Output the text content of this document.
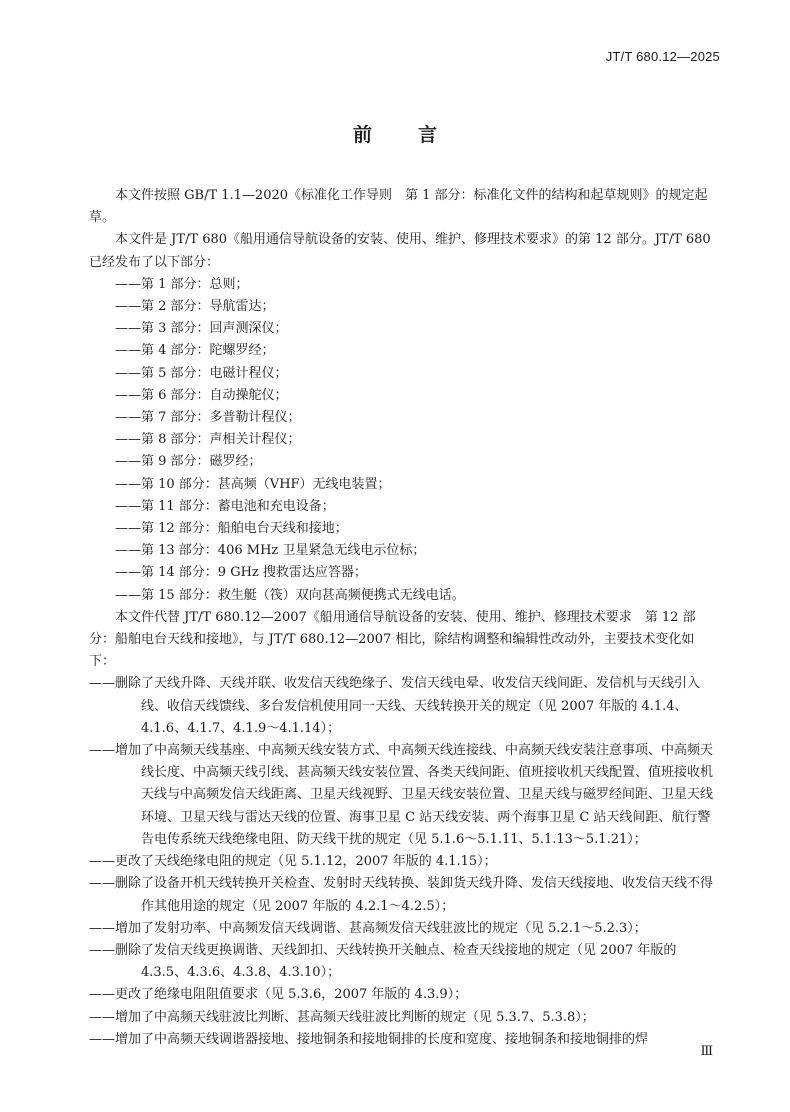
JT/T 680.12—2025
前言

本文件按照 GB/T 1.1—2020《标准化工作导则　第 1 部分：标准化文件的结构和起草规则》的规定起草。

本文件是 JT/T 680《船用通信导航设备的安装、使用、维护、修理技术要求》的第 12 部分。JT/T 680 已经发布了以下部分：

——第 1 部分：总则；

——第 2 部分：导航雷达；

——第 3 部分：回声测深仪；

——第 4 部分：陀螺罗经；

——第 5 部分：电磁计程仪；

——第 6 部分：自动操舵仪；

——第 7 部分：多普勒计程仪；

——第 8 部分：声相关计程仪；

——第 9 部分：磁罗经；

——第 10 部分：甚高频（VHF）无线电装置；

——第 11 部分：蓄电池和充电设备；

——第 12 部分：船舶电台天线和接地；

——第 13 部分：406 MHz 卫星紧急无线电示位标；

——第 14 部分：9 GHz 搜救雷达应答器；

——第 15 部分：救生艇（筏）双向甚高频便携式无线电话。

本文件代替 JT/T 680.12—2007《船用通信导航设备的安装、使用、维护、修理技术要求　第 12 部分：船舶电台天线和接地》，与 JT/T 680.12—2007 相比，除结构调整和编辑性改动外，主要技术变化如下：

——删除了天线升降、天线并联、收发信天线绝缘子、发信天线电晕、收发信天线间距、发信机与天线引入线、收信天线馈线、多台发信机使用同一天线、天线转换开关的规定（见 2007 年版的 4.1.4、4.1.6、4.1.7、4.1.9～4.1.14）；

——增加了中高频天线基座、中高频天线安装方式、中高频天线连接线、中高频天线安装注意事项、中高频天线长度、中高频天线引线、甚高频天线安装位置、各类天线间距、值班接收机天线配置、值班接收机天线与中高频发信天线距离、卫星天线视野、卫星天线安装位置、卫星天线与磁罗经间距、卫星天线环境、卫星天线与雷达天线的位置、海事卫星 C 站天线安装、两个海事卫星 C 站天线间距、航行警告电传系统天线绝缘电阻、防天线干扰的规定（见 5.1.6～5.1.11、5.1.13～5.1.21）；

——更改了天线绝缘电阻的规定（见 5.1.12，2007 年版的 4.1.15）；

——删除了设备开机天线转换开关检查、发射时天线转换、装卸货天线升降、发信天线接地、收发信天线不得作其他用途的规定（见 2007 年版的 4.2.1～4.2.5）；

——增加了发射功率、中高频发信天线调谐、甚高频发信天线驻波比的规定（见 5.2.1～5.2.3）；

——删除了发信天线更换调谐、天线卸扣、天线转换开关触点、检查天线接地的规定（见 2007 年版的 4.3.5、4.3.6、4.3.8、4.3.10）；

——更改了绝缘电阻阻值要求（见 5.3.6，2007 年版的 4.3.9）；

——增加了中高频天线驻波比判断、甚高频天线驻波比判断的规定（见 5.3.7、5.3.8）；

——增加了中高频天线调谐器接地、接地铜条和接地铜排的长度和宽度、接地铜条和接地铜排的焊

Ⅲ
